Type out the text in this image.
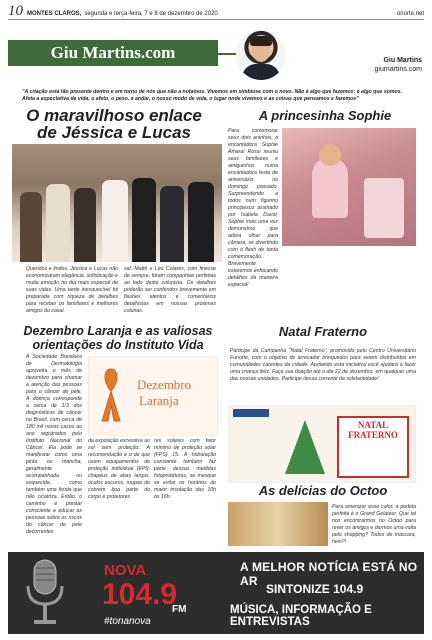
10 MONTES CLAROS, segunda e terça-feira, 7 e 8 de dezembro de 2020	onorte.net
Giu Martins.com	Giu Martins
giumartins.com
"A criação está tão presente dentro e em torno de nós que não a notamos. Vivemos em simbiose com o novo. Não é algo que fazemos; é algo que somos. Afeta a expectativa de vida, o afeto, o peso, a andar, o nosso modo de vida, o lugar onde vivemos e as coisas que pensamos e fazemos"
O maravilhoso enlace de Jéssica e Lucas

Queridos e lindos, Jéssica e Lucas não economizaram elegância, sofisticação e muita emoção no dia mais especial de suas vidas. Uma tarde inesquecível foi preparada com riqueza de detalhes para receber os familiares e melhores amigos do casal.

sal. Mattê e Léo Colares, com finesse de sempre, foram companhias perfeitas ao lado deste colunista. Os detalhes poderão ser conferidos brevemente em flashes atentos e comentários detalhistas em nossas próximas colunas.

A princesinha Sophie

Para comemorar seus dois aninhos, a encantadora Sophie Amaral Rossi reuniu seus familiares e amiguinhos numa encantadora festa de aniversário no domingo passado. Surpreendendo a todos num figurino principesco assinado por Isabela David, Sophie mais uma vez demonstrou que adora olhar para câmera, se divertindo com o flash de tanta comemoração. Brevemente estaremos enfocando detalhes da maneira especial!

Dezembro Laranja e as valiosas orientações do Instituto Vida

A Sociedade Brasileira de Dermatologia aproveita o mês de dezembro para chamar a atenção das pessoas para o câncer de pele. A doença corresponde a cerca de 1/3 dos diagnósticos de câncer no Brasil, com cerca de 180 mil novos casos ao ano registrados pelo Instituto Nacional do Câncer. Ela pode se manifestar como uma pinta ou mancha, geralmente acompanhada ou esquecida, como também uma ferida que não cicatriza. Então, o caminho é prestar consciente e educar as pessoas sobre os riscos do câncer de pele decorrentes

Dezembro
Laranja

da exposição excessiva ao sol sem proteção. A recomendação é o de que usem equipamentos de proteção individual (EPI): chapéus de abas largas, óculos escuros, roupas de cobrem boa parte do corpo e protetores

res solares com fator mínimo de proteção solar (FPS) 15. A hidratação constante também faz parte dessas medidas fotoprotetoras, se mesque se evitar os horários de maior insolação das 10h às 16h.

Natal Fraterno

Participe da Campanha "Natal Fraterno", promovido pelo Centro Universitário Funorte, com o objetivo de arrecadar brinquedos para serem distribuídos em comunidades carentes da cidade. Apoiando esta iniciativa você ajudará a fazer uma criança feliz. Faça sua doação até o dia 22 de dezembro, em qualquer uma das nossas unidades. Participe dessa corrente da solidariedade!

NATAL FRATERNO
As delícias do Octoo

Para amenizar esse calor, a pedida perfeita é o Grand Gelateur. Que tal nos encontrarmos no Octoo para rever os amigos e darmos uma volta pelo shopping? Todos de máscara, hein?!

NOVA
104.9
FM
#tonanova
A MELHOR NOTÍCIA ESTÁ NO AR
SINTONIZE 104.9
MÚSICA, INFORMAÇÃO E ENTREVISTAS
